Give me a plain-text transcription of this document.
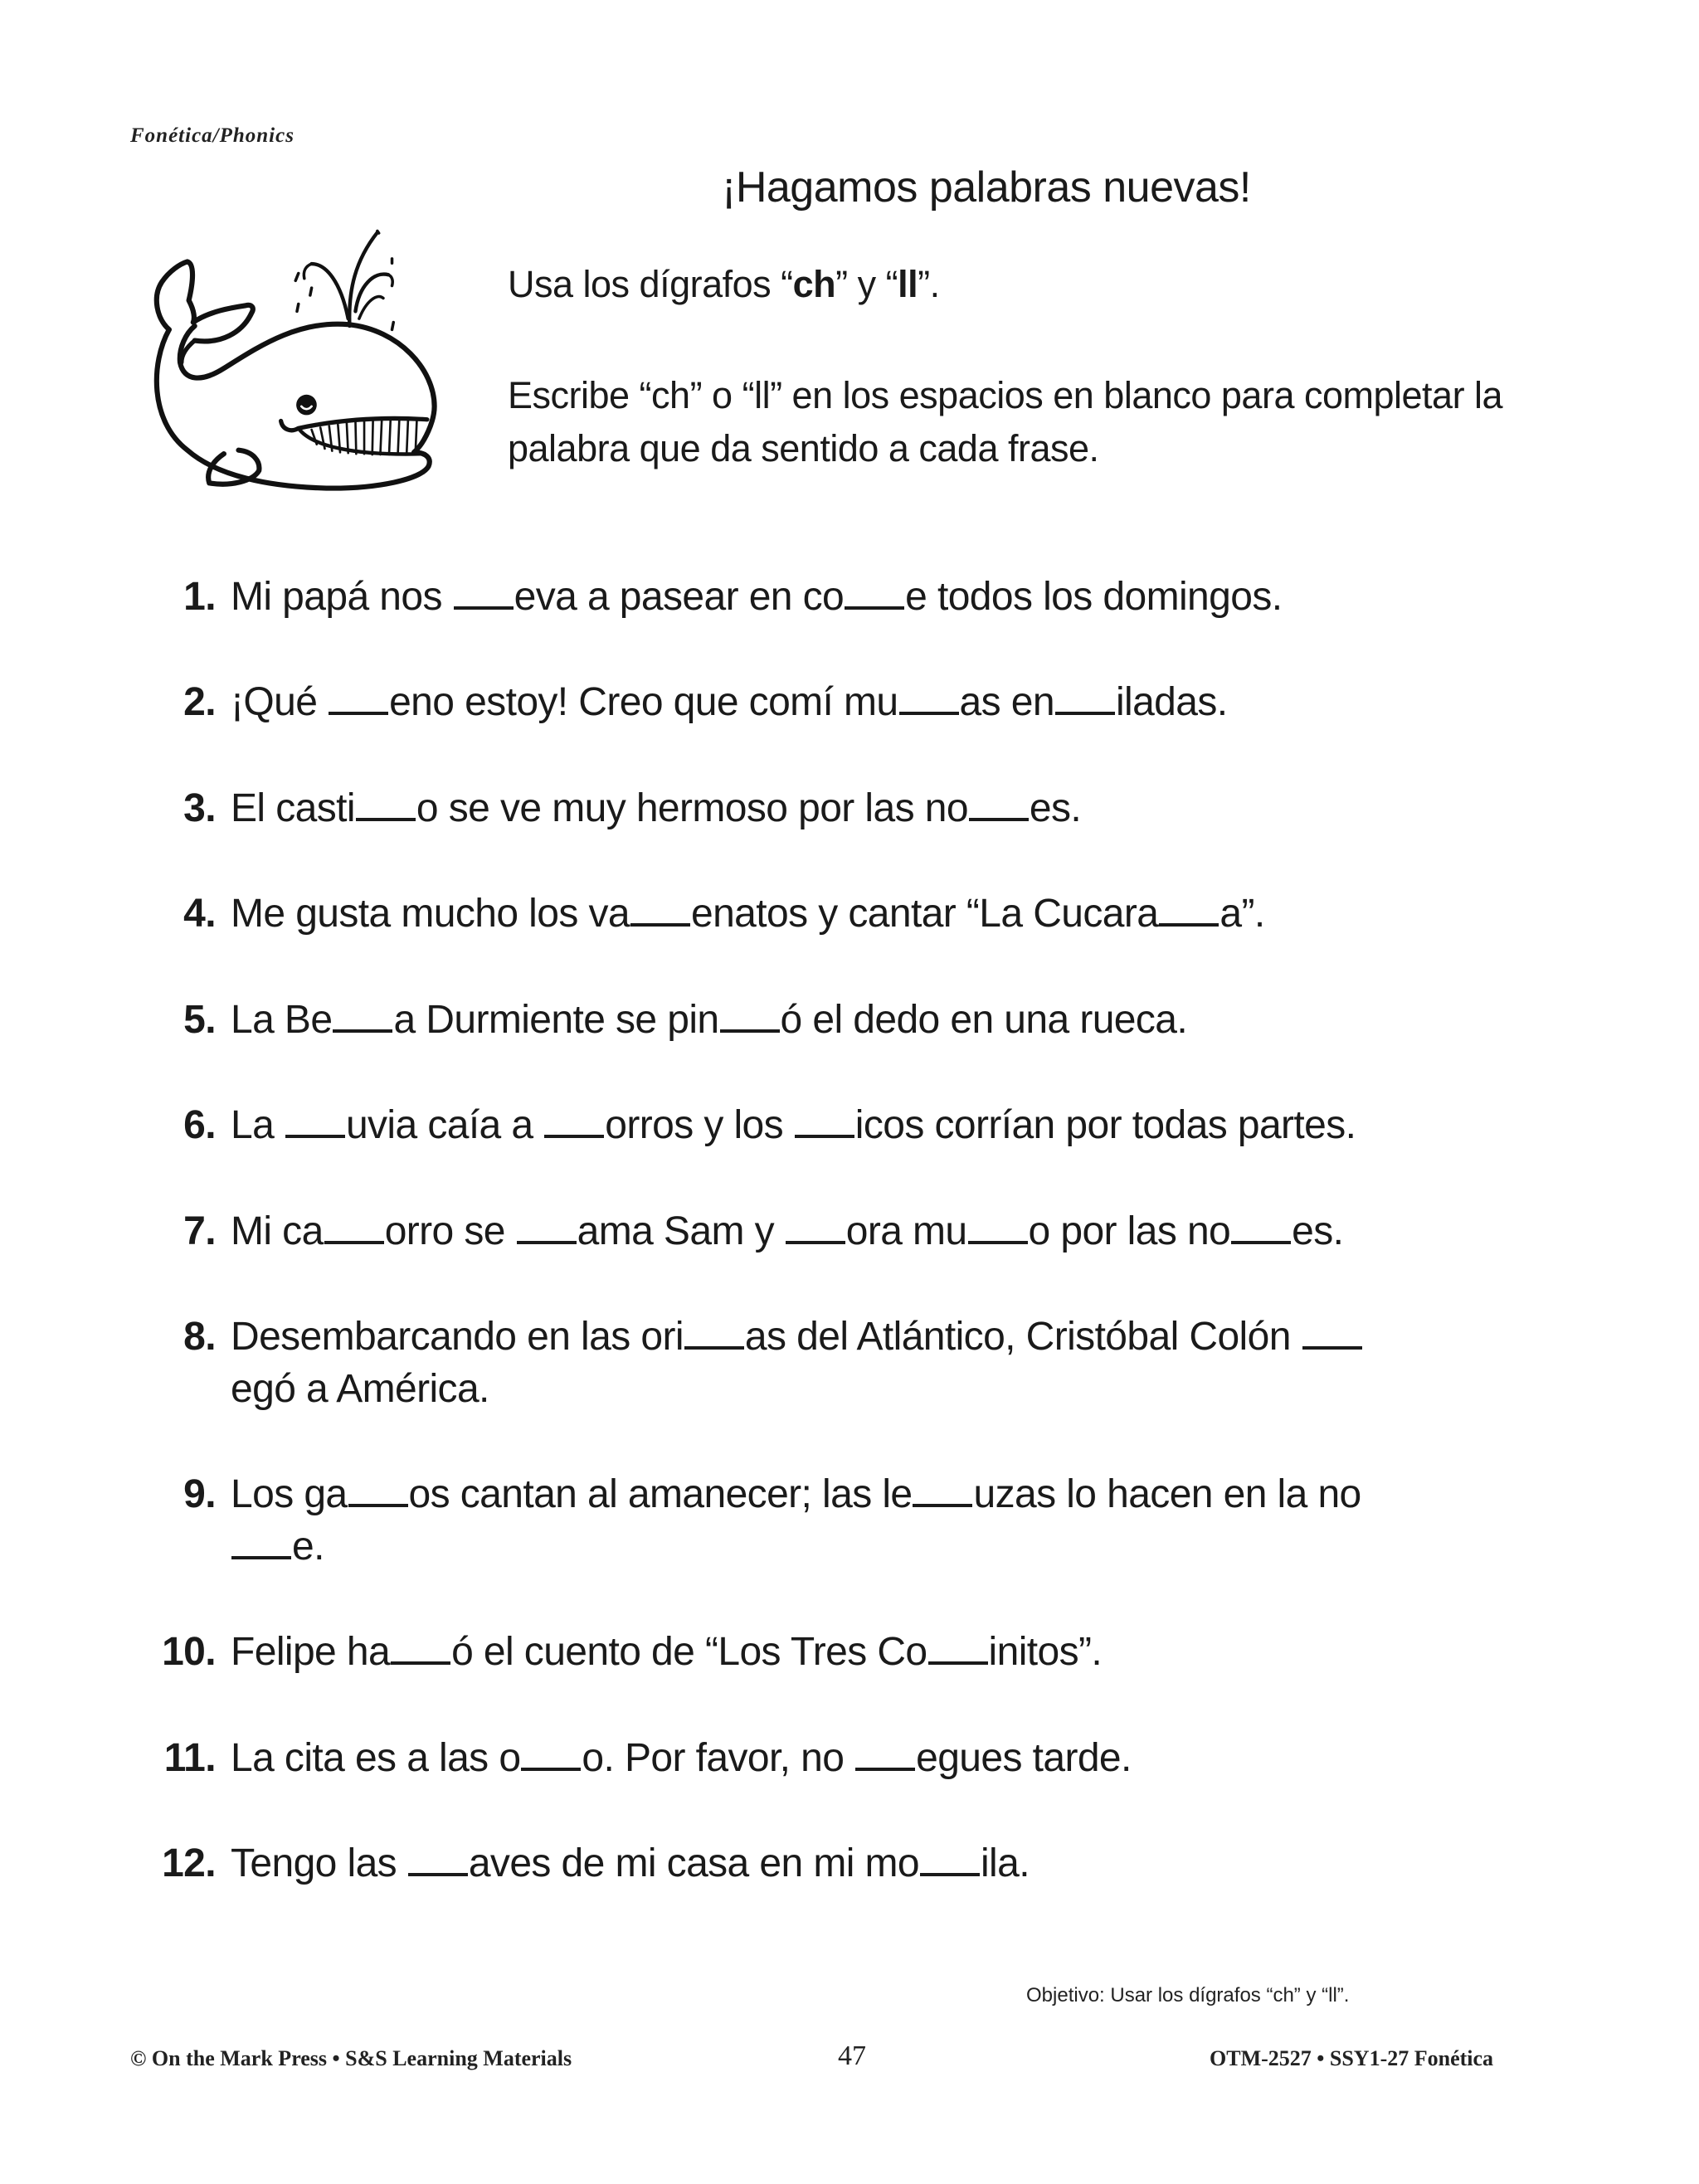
Fonética/Phonics
¡Hagamos palabras nuevas!
Usa los dígrafos “ch” y “ll”.
Escribe “ch” o “ll” en los espacios en blanco para completar la palabra que da sentido a cada frase.
1. Mi papá nos eva a pasear en co e todos los domingos.
2. ¡Qué eno estoy! Creo que comí mu as en iladas.
3. El casti o se ve muy hermoso por las no es.
4. Me gusta mucho los va enatos y cantar “La Cucara a”.
5. La Be a Durmiente se pin ó el dedo en una rueca.
6. La uvia caía a orros y los icos corrían por todas partes.
7. Mi ca orro se ama Sam y ora mu o por las no es.
8. Desembarcando en las ori as del Atlántico, Cristóbal Colón egó a América.
9. Los ga os cantan al amanecer; las le uzas lo hacen en la noe.
10. Felipe ha ó el cuento de “Los Tres Co initos”.
11. La cita es a las o o. Por favor, no egues tarde.
12. Tengo las aves de mi casa en mi mo ila.
Objetivo: Usar los dígrafos “ch” y “ll”.
© On the Mark Press • S&S Learning Materials	47	OTM-2527 • SSY1-27 Fonética
